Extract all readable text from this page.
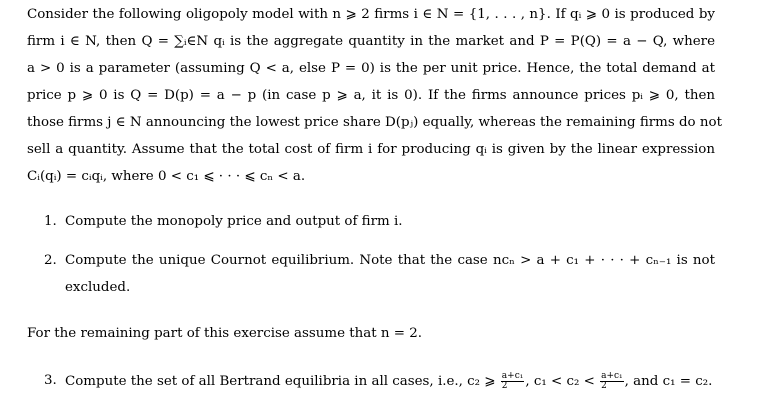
Consider the following oligopoly model with n ⩾ 2 firms i ∈ N = {1, . . . , n}. If qᵢ ⩾ 0 is produced by
firm i ∈ N, then Q = ∑ᵢ∈N qᵢ is the aggregate quantity in the market and P = P(Q) = a − Q, where
a > 0 is a parameter (assuming Q < a, else P = 0) is the per unit price. Hence, the total demand at
price p ⩾ 0 is Q = D(p) = a − p (in case p ⩾ a, it is 0). If the firms announce prices pᵢ ⩾ 0, then
those firms j ∈ N announcing the lowest price share D(pⱼ) equally, whereas the remaining firms do not
sell a quantity. Assume that the total cost of firm i for producing qᵢ is given by the linear expression
Cᵢ(qᵢ) = cᵢqᵢ, where 0 < c₁ ⩽ · · · ⩽ cₙ < a.
1. Compute the monopoly price and output of firm i.
2. Compute the unique Cournot equilibrium. Note that the case ncₙ > a + c₁ + · · · + cₙ₋₁ is not
excluded.
For the remaining part of this exercise assume that n = 2.
3. Compute the set of all Bertrand equilibria in all cases, i.e., c₂ ⩾ $\frac{\text{a+c₁}}{2}$ , $c_1 < c_2 < \frac{\text{a+c₁}}{2}$ , and c₁ = c₂.
